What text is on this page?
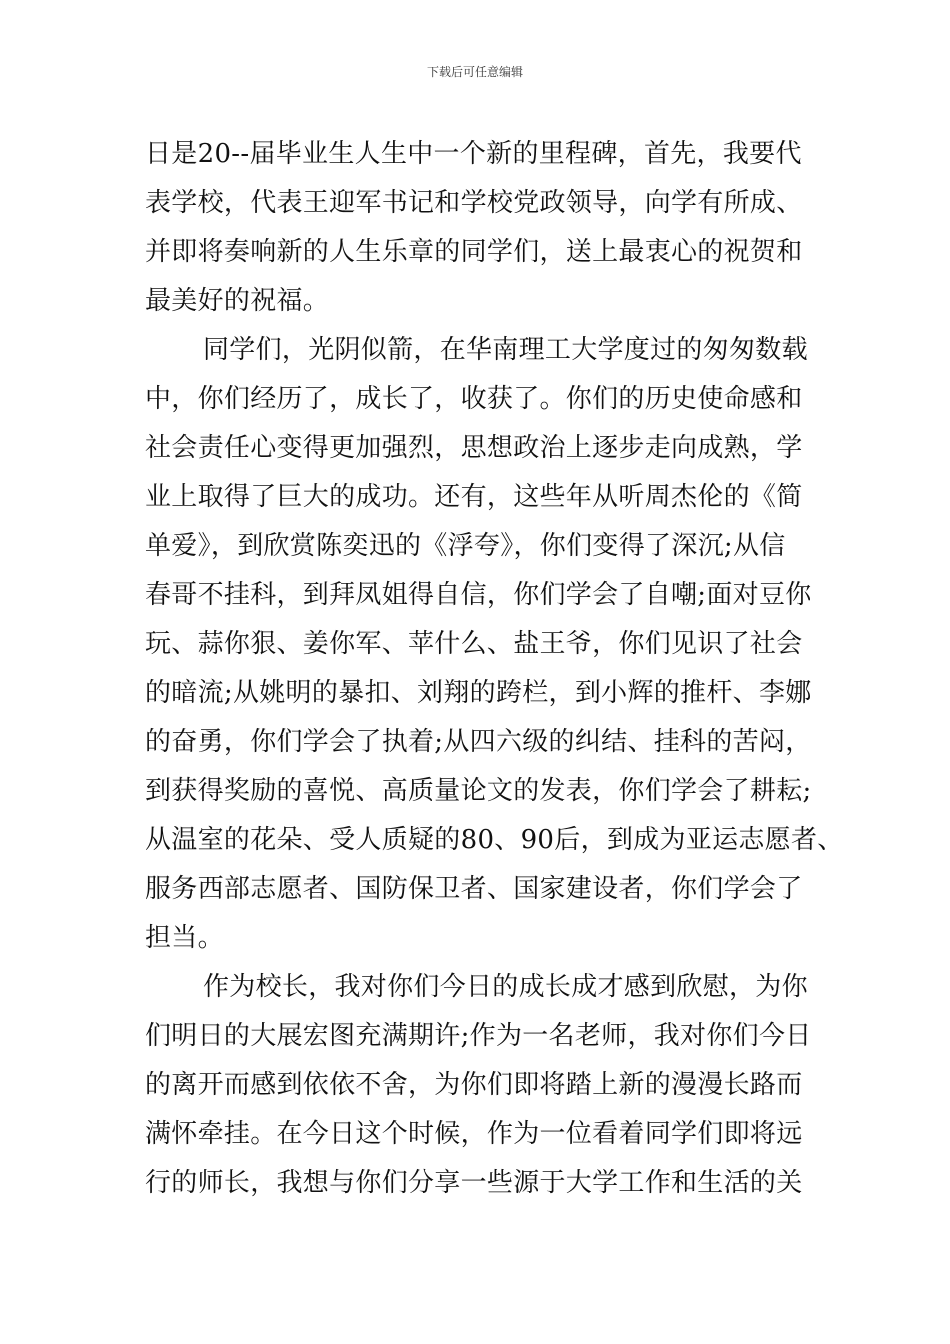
下载后可任意编辑
日是20--届毕业生人生中一个新的里程碑，首先，我要代
表学校，代表王迎军书记和学校党政领导，向学有所成、
并即将奏响新的人生乐章的同学们，送上最衷心的祝贺和
最美好的祝福。
同学们，光阴似箭，在华南理工大学度过的匆匆数载
中，你们经历了，成长了，收获了。你们的历史使命感和
社会责任心变得更加强烈，思想政治上逐步走向成熟，学
业上取得了巨大的成功。还有，这些年从听周杰伦的《简
单爱》，到欣赏陈奕迅的《浮夸》，你们变得了深沉;从信
春哥不挂科，到拜凤姐得自信，你们学会了自嘲;面对豆你
玩、蒜你狠、姜你军、苹什么、盐王爷，你们见识了社会
的暗流;从姚明的暴扣、刘翔的跨栏，到小辉的推杆、李娜
的奋勇，你们学会了执着;从四六级的纠结、挂科的苦闷，
到获得奖励的喜悦、高质量论文的发表，你们学会了耕耘;
从温室的花朵、受人质疑的80、90后，到成为亚运志愿者、
服务西部志愿者、国防保卫者、国家建设者，你们学会了
担当。
作为校长，我对你们今日的成长成才感到欣慰，为你
们明日的大展宏图充满期许;作为一名老师，我对你们今日
的离开而感到依依不舍，为你们即将踏上新的漫漫长路而
满怀牵挂。在今日这个时候，作为一位看着同学们即将远
行的师长，我想与你们分享一些源于大学工作和生活的关
